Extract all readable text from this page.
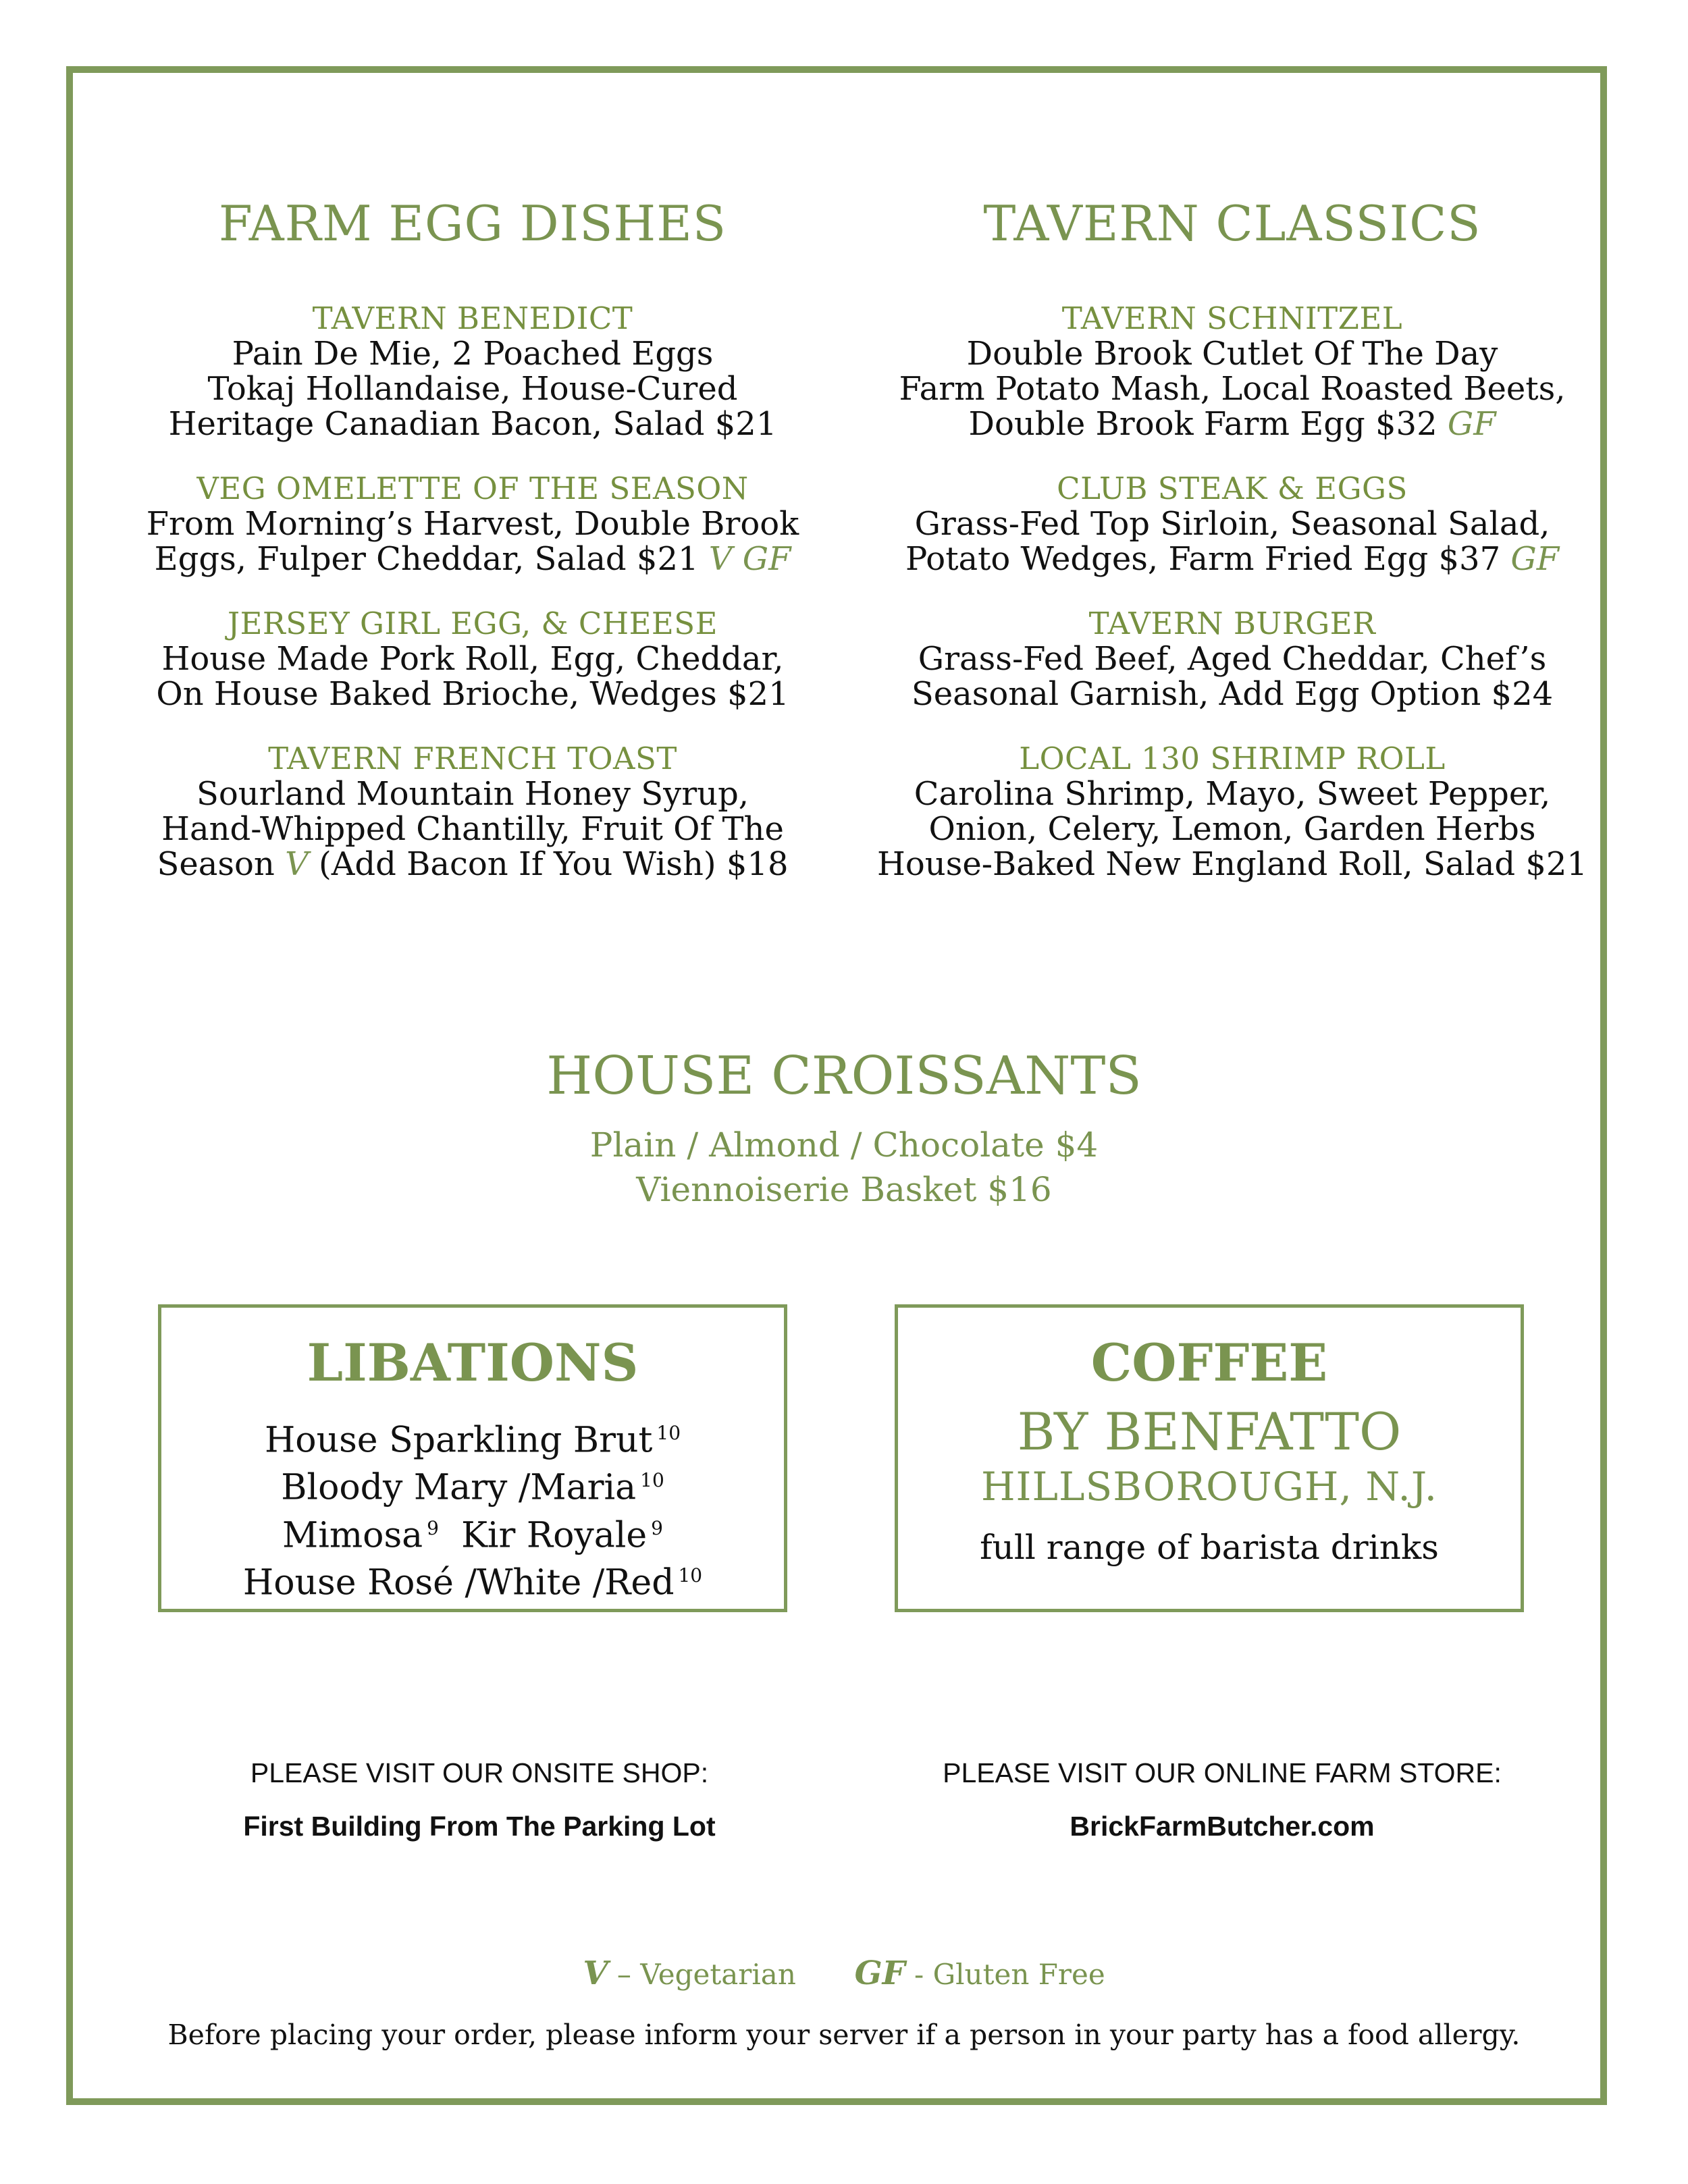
FARM EGG DISHES
TAVERN BENEDICT
Pain De Mie, 2 Poached Eggs
Tokaj Hollandaise, House-Cured
Heritage Canadian Bacon, Salad $21
VEG OMELETTE OF THE SEASON
From Morning’s Harvest, Double Brook
Eggs, Fulper Cheddar, Salad $21 V GF
JERSEY GIRL EGG, & CHEESE
House Made Pork Roll, Egg, Cheddar,
On House Baked Brioche, Wedges $21
TAVERN FRENCH TOAST
Sourland Mountain Honey Syrup,
Hand-Whipped Chantilly, Fruit Of The
Season V (Add Bacon If You Wish) $18
TAVERN CLASSICS
TAVERN SCHNITZEL
Double Brook Cutlet Of The Day
Farm Potato Mash, Local Roasted Beets,
Double Brook Farm Egg $32 GF
CLUB STEAK & EGGS
Grass-Fed Top Sirloin, Seasonal Salad,
Potato Wedges, Farm Fried Egg $37 GF
TAVERN BURGER
Grass-Fed Beef, Aged Cheddar, Chef’s
Seasonal Garnish, Add Egg Option $24
LOCAL 130 SHRIMP ROLL
Carolina Shrimp, Mayo, Sweet Pepper,
Onion, Celery, Lemon, Garden Herbs
House-Baked New England Roll, Salad $21
HOUSE CROISSANTS
Plain / Almond / Chocolate $4
Viennoiserie Basket $16
LIBATIONS
House Sparkling Brut $^{10}$
Bloody Mary /Maria $^{10}$
Mimosa $^9$ Kir Royale $^9$
House Rosé /White /Red $^{10}$
COFFEE
BY BENFATTO
HILLSBOROUGH, N.J.
full range of barista drinks
PLEASE VISIT OUR ONSITE SHOP:
First Building From The Parking Lot
PLEASE VISIT OUR ONLINE FARM STORE:
BrickFarmButcher.com
V – Vegetarian GF - Gluten Free
Before placing your order, please inform your server if a person in your party has a food allergy.
